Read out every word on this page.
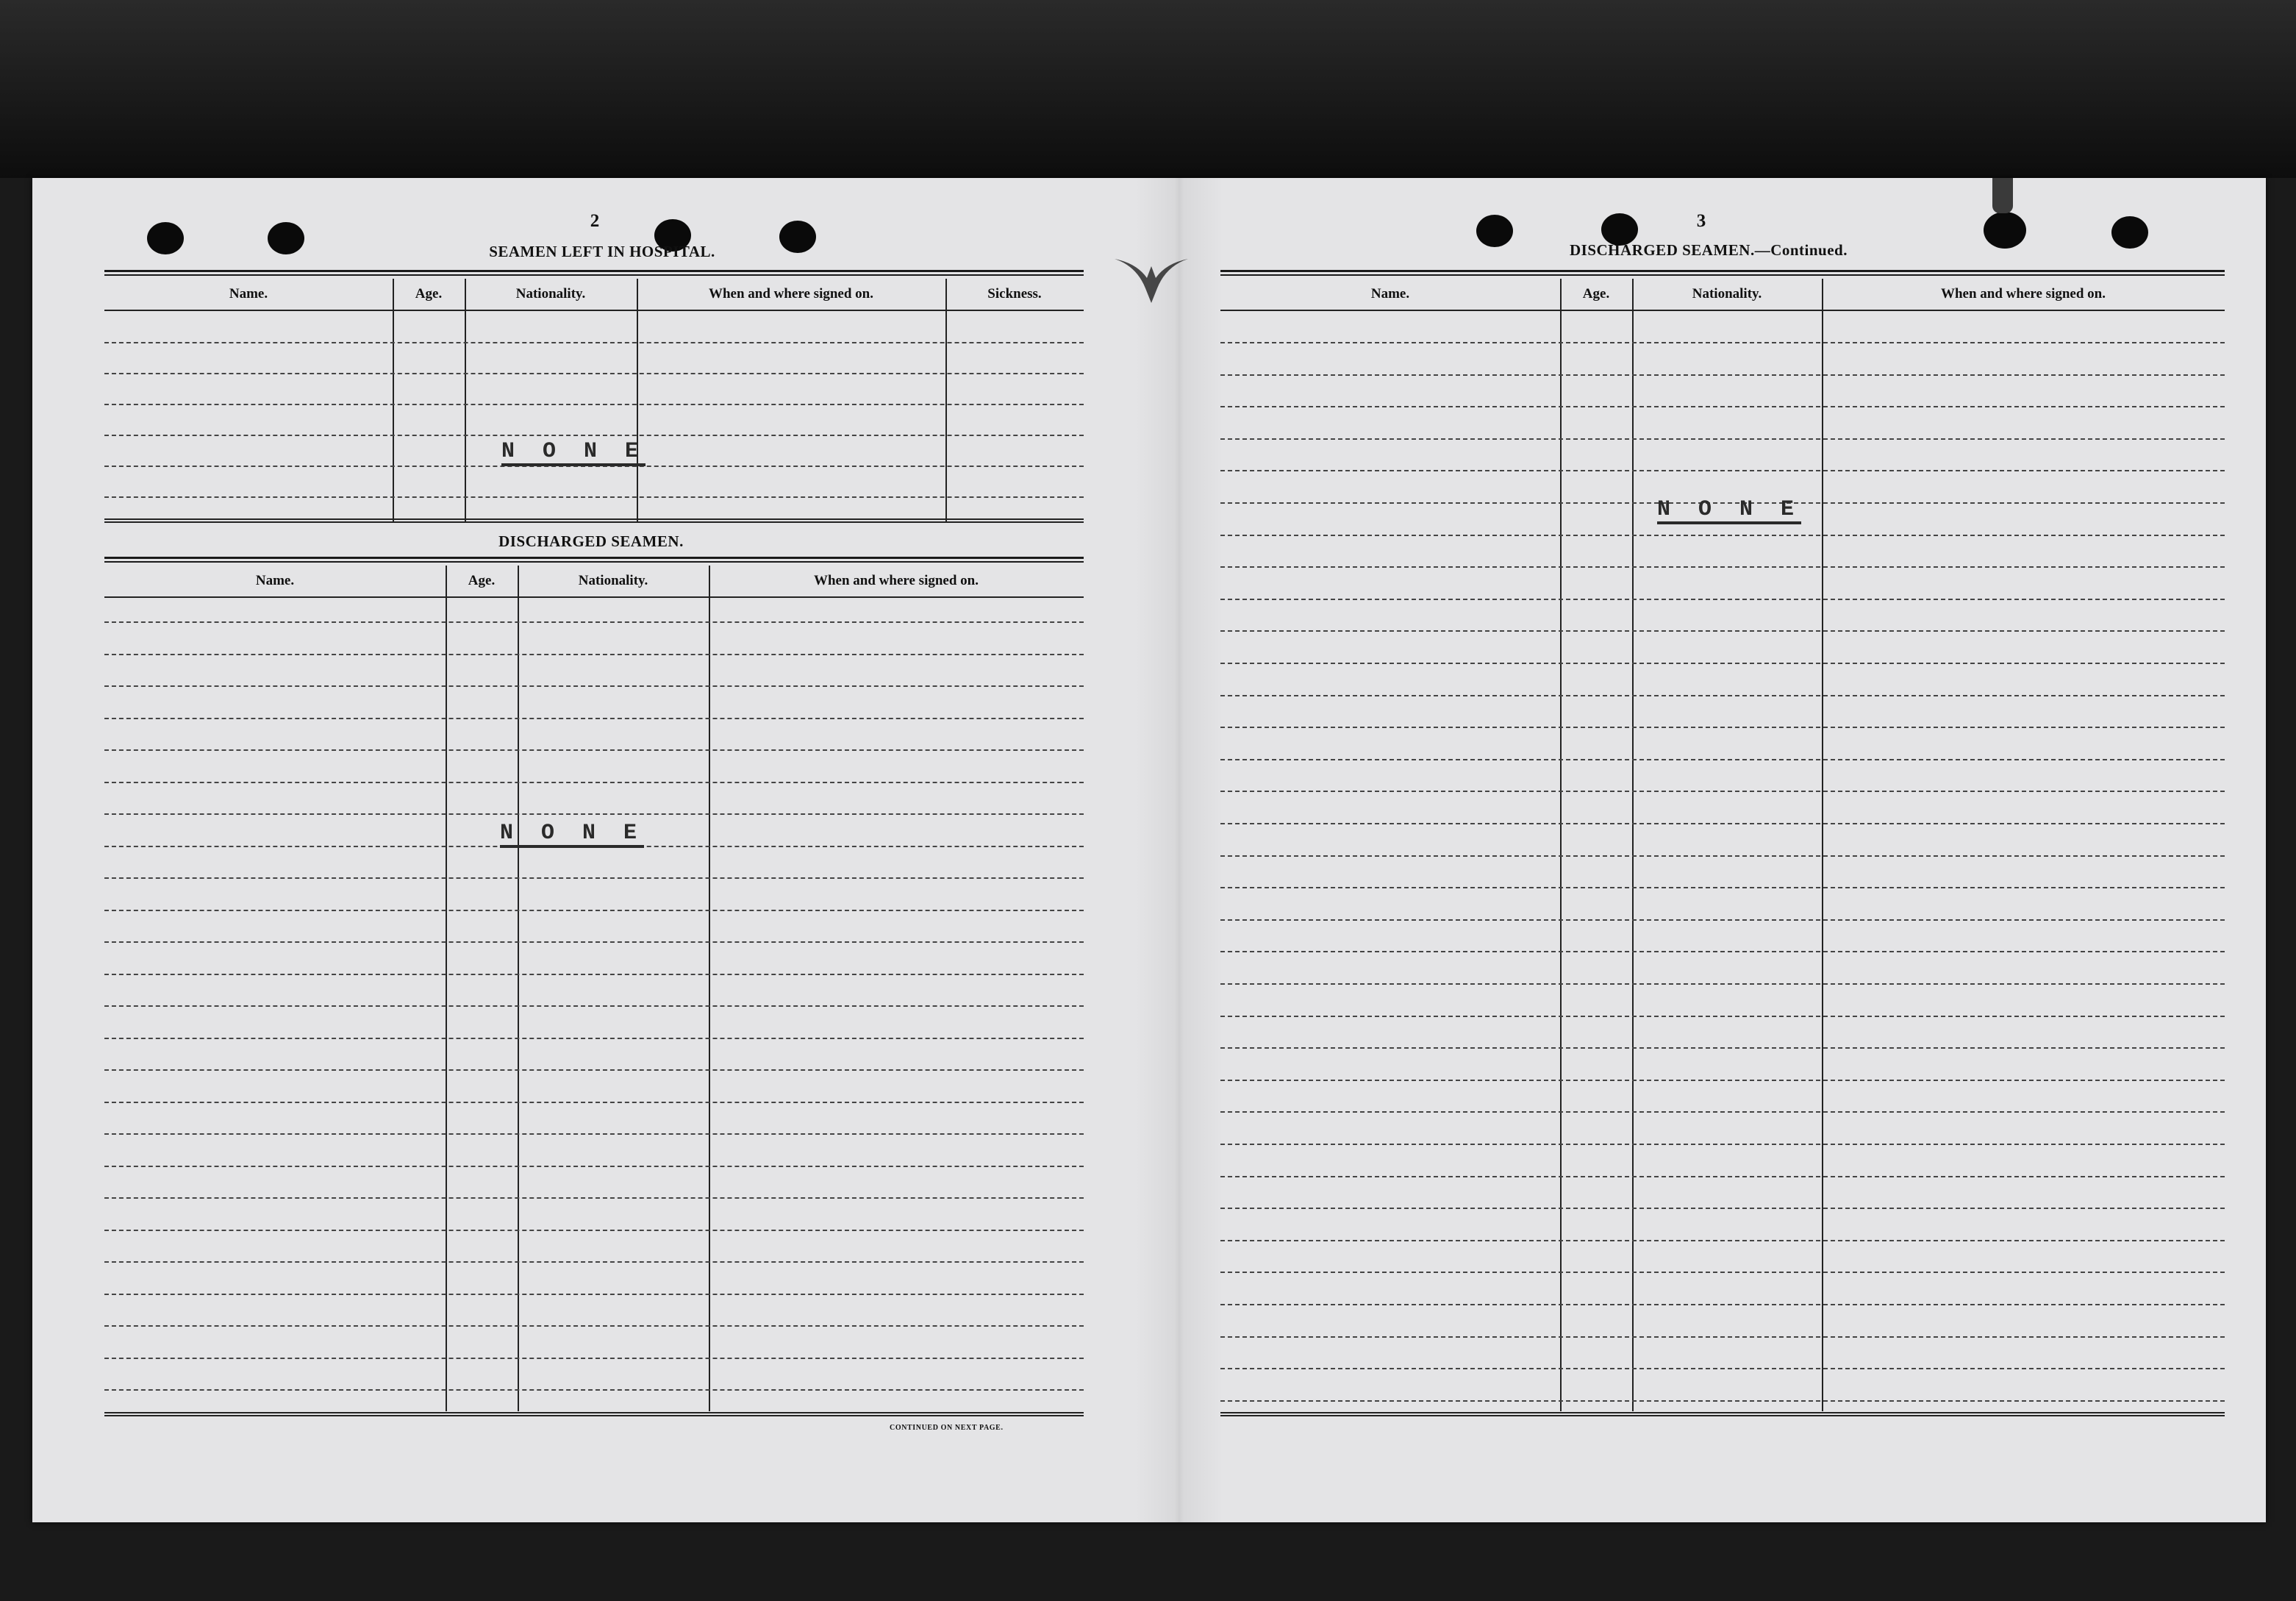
2
SEAMEN LEFT IN HOSPITAL.
Name.	Age.	Nationality.	When and where signed on.	Sickness.
N O N E
DISCHARGED SEAMEN.
Name.	Age.	Nationality.	When and where signed on.
N O N E
CONTINUED ON NEXT PAGE.
3
DISCHARGED SEAMEN.—Continued.
Name.	Age.	Nationality.	When and where signed on.
N O N E
